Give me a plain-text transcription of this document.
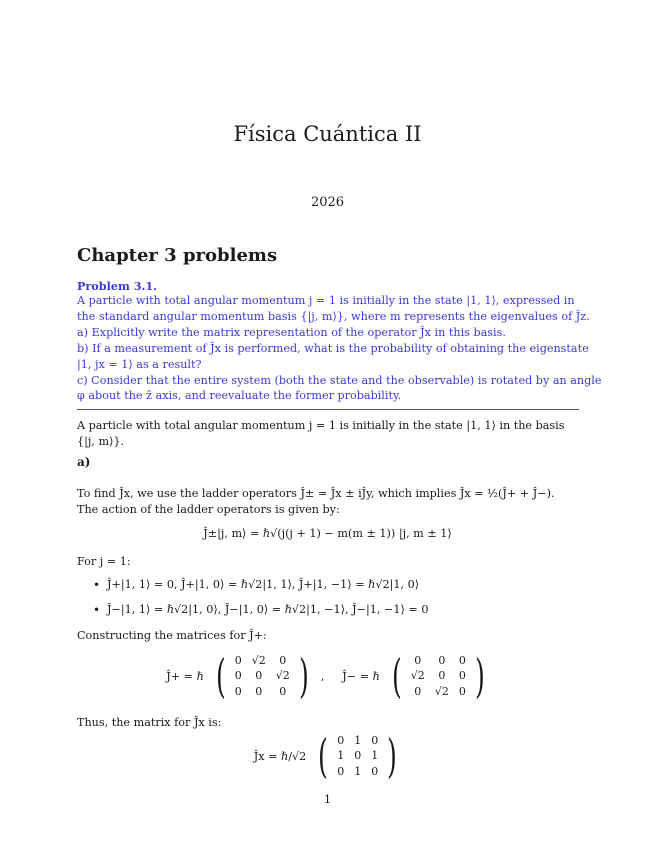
Física Cuántica II
2026
Chapter 3 problems
Problem 3.1.
A particle with total angular momentum j = 1 is initially in the state |1, 1⟩, expressed in
the standard angular momentum basis {|j, m⟩}, where m represents the eigenvalues of Ĵz.
a) Explicitly write the matrix representation of the operator Ĵx in this basis.
b) If a measurement of Ĵx is performed, what is the probability of obtaining the eigenstate
|1, jx = 1⟩ as a result?
c) Consider that the entire system (both the state and the observable) is rotated by an angle
φ about the ẑ axis, and reevaluate the former probability.
A particle with total angular momentum j = 1 is initially in the state |1, 1⟩ in the basis
{|j, m⟩}.
a)
To find Ĵx, we use the ladder operators Ĵ± = Ĵx ± iĴy, which implies Ĵx = ½(Ĵ+ + Ĵ−).
The action of the ladder operators is given by:
Ĵ±|j, m⟩ = ℏ√(j(j + 1) − m(m ± 1)) |j, m ± 1⟩
For j = 1:
• Ĵ+|1, 1⟩ = 0, Ĵ+|1, 0⟩ = ℏ√2|1, 1⟩, Ĵ+|1, −1⟩ = ℏ√2|1, 0⟩
• Ĵ−|1, 1⟩ = ℏ√2|1, 0⟩, Ĵ−|1, 0⟩ = ℏ√2|1, −1⟩, Ĵ−|1, −1⟩ = 0
Constructing the matrices for Ĵ+:
Ĵ+ = ℏ ( 0	√2	0
0	0	√2
0	0	0 ) , Ĵ− = ℏ ( 0	0	0
√2	0	0
0	√2	0 )
Thus, the matrix for Ĵx is:
Ĵx = ℏ/√2 ( 0	1	0
1	0	1
0	1	0 )
1
